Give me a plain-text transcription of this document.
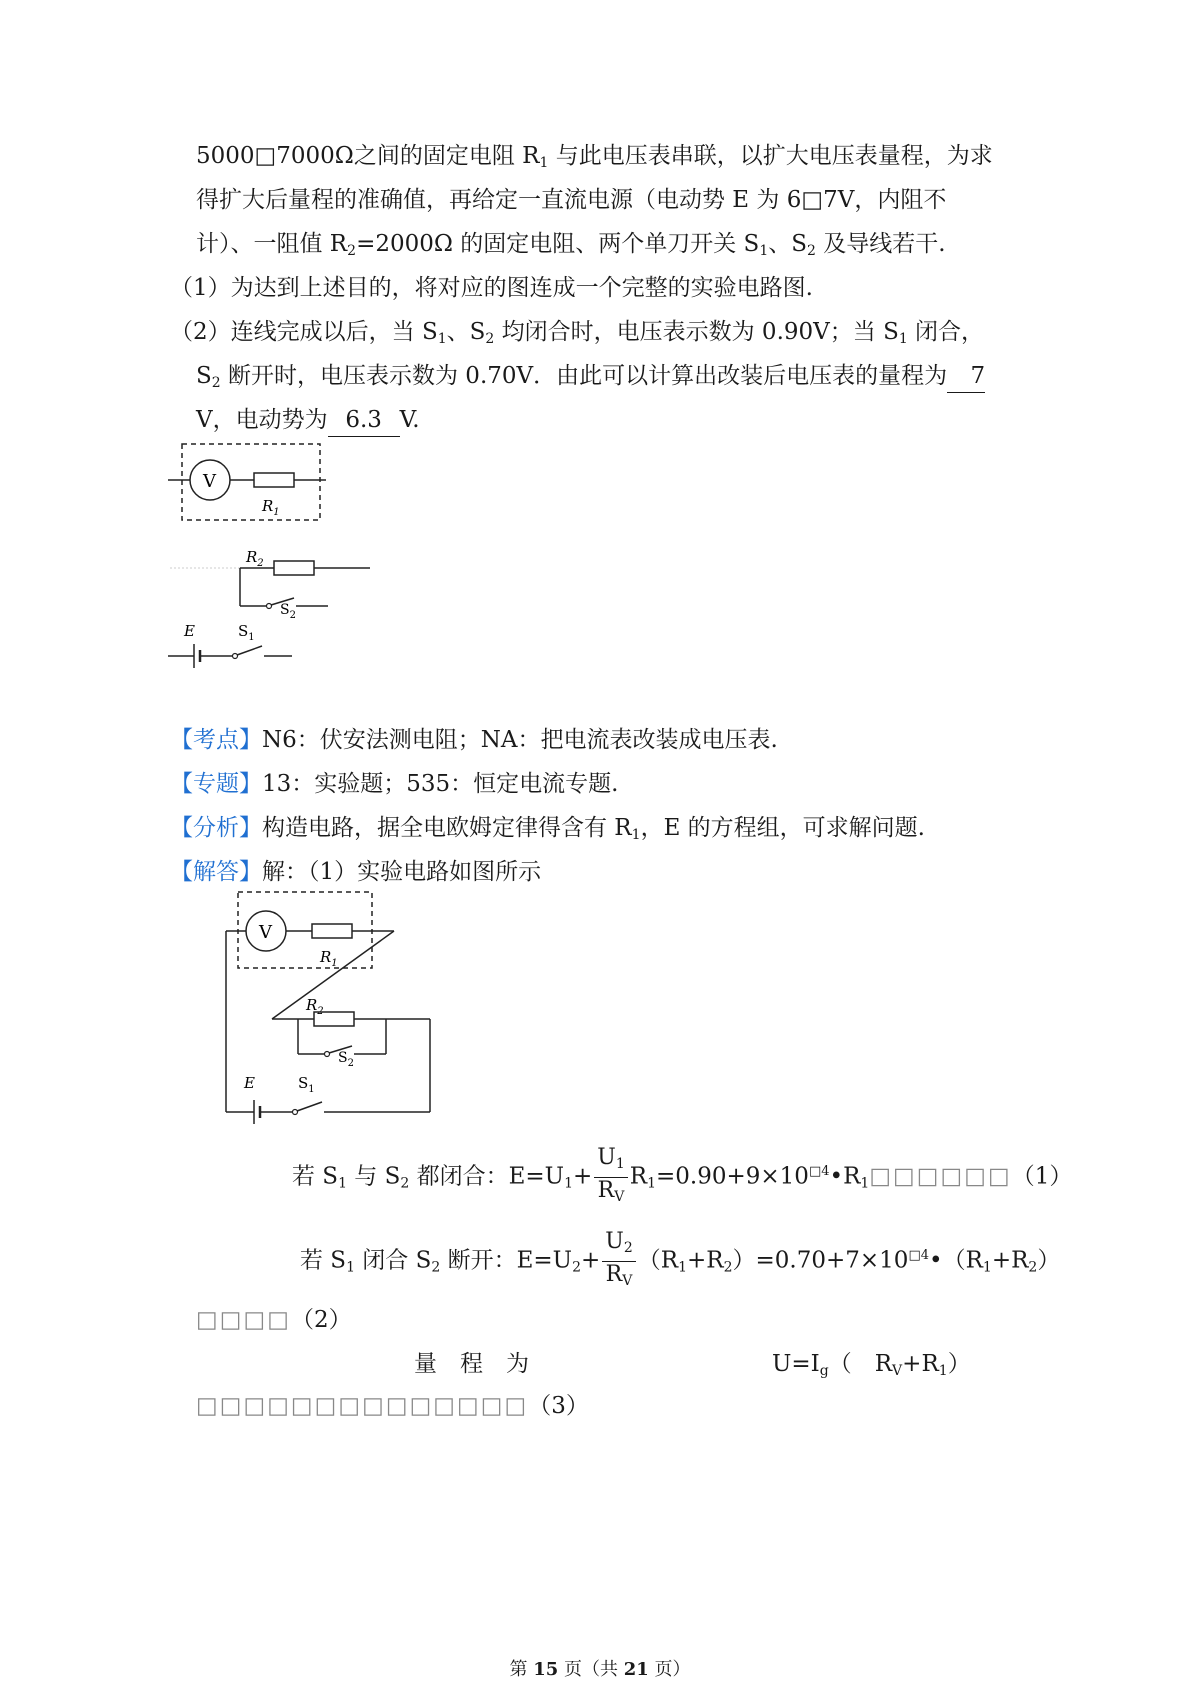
5000□7000Ω之间的固定电阻 $R_1$ 与此电压表串联，以扩大电压表量程，为求
得扩大后量程的准确值，再给定一直流电源（电动势 E 为 6□7V，内阻不
计）、一阻值 $R_2=2000\Omega$ 的固定电阻、两个单刀开关 $S_1$、$S_2$ 及导线若干.
（1）为达到上述目的，将对应的图连成一个完整的实验电路图.
（2）连线完成以后，当 $S_1$、$S_2$ 均闭合时，电压表示数为 0.90V；当 $S_1$ 闭合，
$S_2$ 断开时，电压表示数为 0.70V．由此可以计算出改装后电压表的量程为 7
V，电动势为 6.3 V.
V
$R_1$
$R_2$
$S_2$
E	$S_1$
【考点】N6：伏安法测电阻；NA：把电流表改装成电压表.
【专题】13：实验题；535：恒定电流专题.
【分析】构造电路，据全电欧姆定律得含有 $R_1$，E 的方程组，可求解问题.
【解答】解：（1）实验电路如图所示
V
$R_1$
$R_2$
$S_2$
E	$S_1$
若 $S_1$ 与 $S_2$ 都闭合：$E=U_1+ \frac{U_1}{R_V}$ $R_1=0.90+9\times 10^{□4}•R_1□□□□□□(1)$
若 $S_1$ 闭合 $S_2$ 断开：$E=U_2+ \frac{U_2}{R_V}$ $(R_1+R_2)=0.70+7\times 10^{□4}•(R_1+R_2)$
□□□□（2）
量　程　为	$U=I_g$（　$R_V+R_1$）
□□□□□□□□□□□□□□（3）
第 15 页（共 21 页）
